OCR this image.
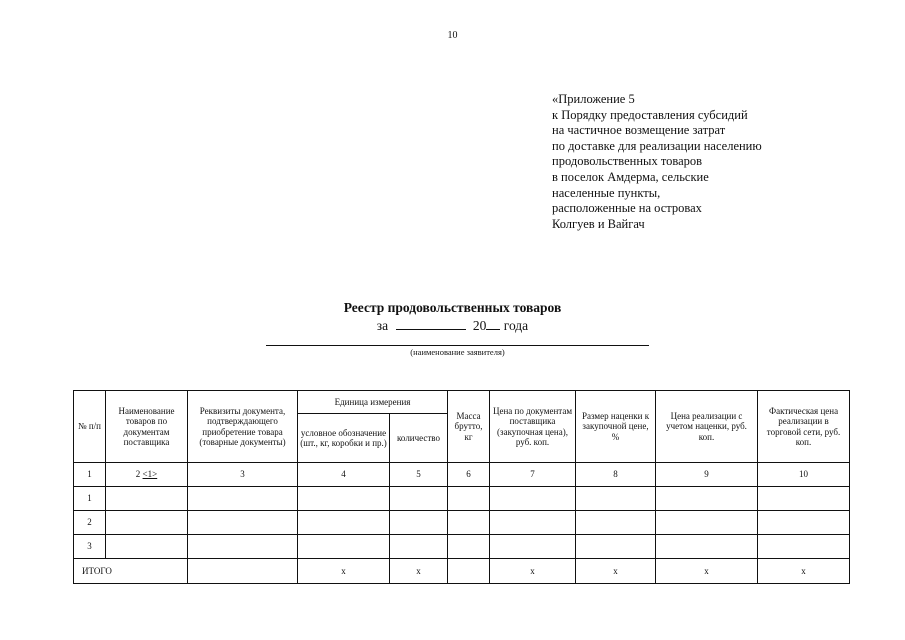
10
«Приложение 5
к Порядку предоставления субсидий
на частичное возмещение затрат
по доставке для реализации населению
продовольственных товаров
в поселок Амдерма, сельские
населенные пункты,
расположенные на островах
Колгуев и Вайгач
Реестр продовольственных товаров
за	20 года
(наименование заявителя)
№ п/п	Наименование товаров по документам поставщика	Реквизиты документа, подтверждающего приобретение товара (товарные документы)	Единица измерения		Масса брутто, кг	Цена по документам поставщика (закупочная цена), руб. коп.	Размер наценки к закупочной цене, %	Цена реализации с учетом наценки, руб. коп.	Фактическая цена реализации в торговой сети, руб. коп.
			условное обозначение (шт., кг, коробки и пр.)	количество					
1	2 <1>	3	4	5	6	7	8	9	10
1									
2									
3									
ИТОГО			х	х		х	х	х	х
